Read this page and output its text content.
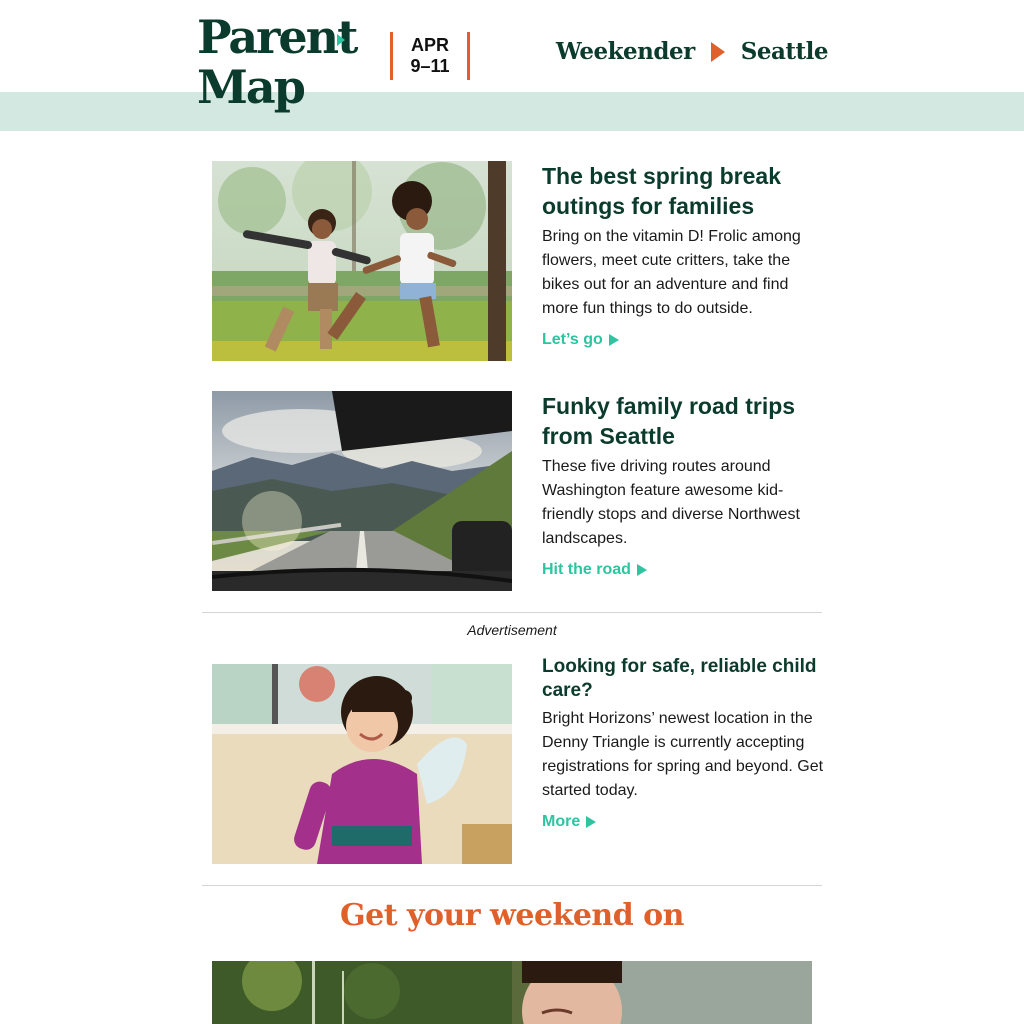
Parent
Map
APR
9–11
Weekender Seattle
The best spring break outings for families

Bring on the vitamin D! Frolic among flowers, meet cute critters, take the bikes out for an adventure and find more fun things to do outside.

Let’s go
Funky family road trips from Seattle

These five driving routes around Washington feature awesome kid-friendly stops and diverse Northwest landscapes.

Hit the road
Advertisement
Looking for safe, reliable child care?

Bright Horizons’ newest location in the Denny Triangle is currently accepting registrations for spring and beyond. Get started today.

More
Get your weekend on
